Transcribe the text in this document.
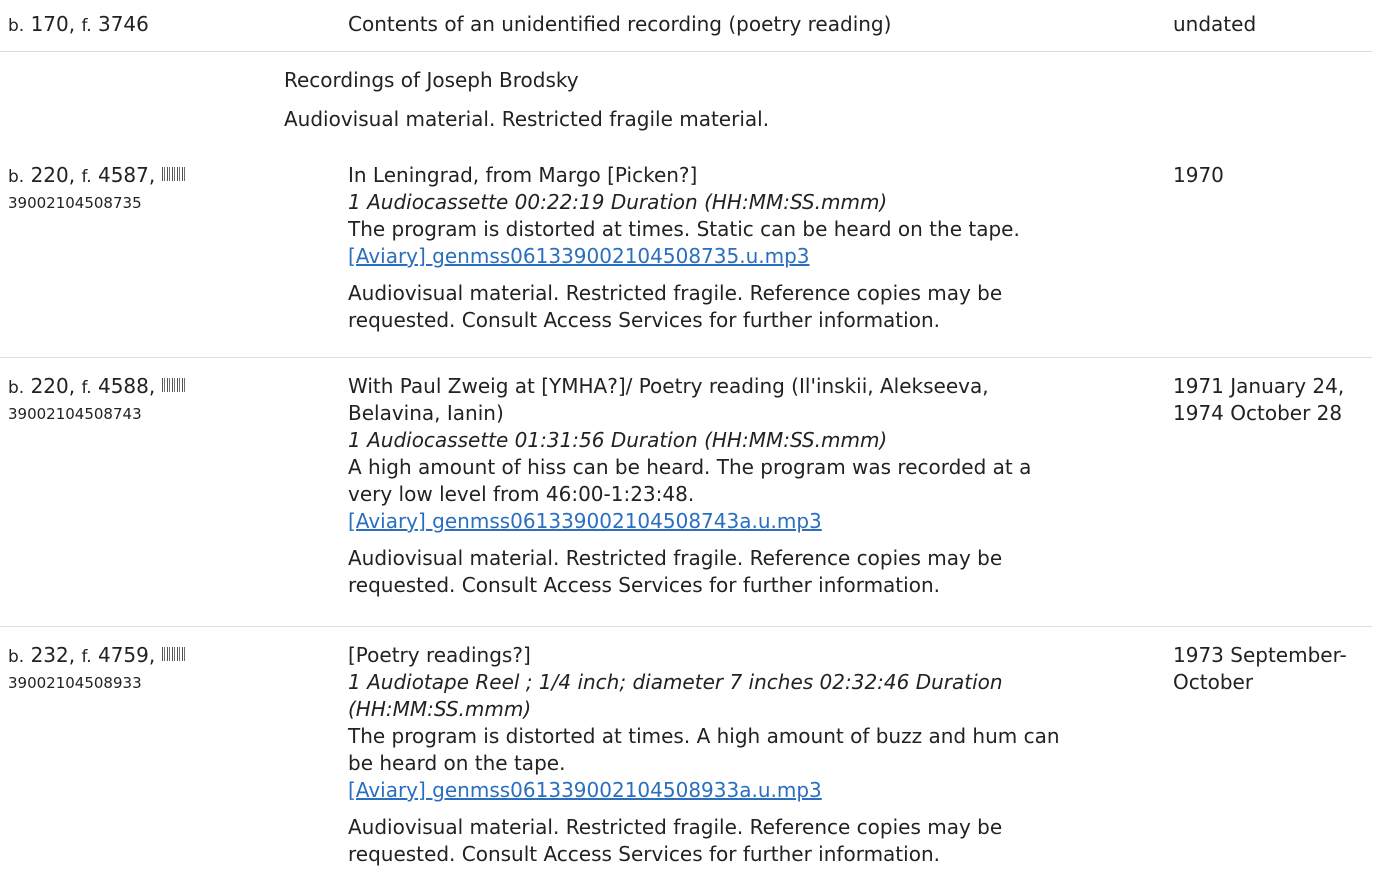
b. 170, f. 3746	Contents of an unidentified recording (poetry reading)	undated
Recordings of Joseph Brodsky
Audiovisual material. Restricted fragile material.
b. 220, f. 4587,
39002104508735
In Leningrad, from Margo [Picken?]
1 Audiocassette 00:22:19 Duration (HH:MM:SS.mmm)
The program is distorted at times. Static can be heard on the tape.
[Aviary] genmss061339002104508735.u.mp3
Audiovisual material. Restricted fragile. Reference copies may be
requested. Consult Access Services for further information.
1970
b. 220, f. 4588,
39002104508743
With Paul Zweig at [YMHA?]/ Poetry reading (Il'inskii, Alekseeva,
Belavina, Ianin)
1 Audiocassette 01:31:56 Duration (HH:MM:SS.mmm)
A high amount of hiss can be heard. The program was recorded at a
very low level from 46:00-1:23:48.
[Aviary] genmss061339002104508743a.u.mp3
Audiovisual material. Restricted fragile. Reference copies may be
requested. Consult Access Services for further information.
1971 January 24,
1974 October 28
b. 232, f. 4759,
39002104508933
[Poetry readings?]
1 Audiotape Reel ; 1/4 inch; diameter 7 inches 02:32:46 Duration
(HH:MM:SS.mmm)
The program is distorted at times. A high amount of buzz and hum can
be heard on the tape.
[Aviary] genmss061339002104508933a.u.mp3
Audiovisual material. Restricted fragile. Reference copies may be
requested. Consult Access Services for further information.
1973 September-
October
